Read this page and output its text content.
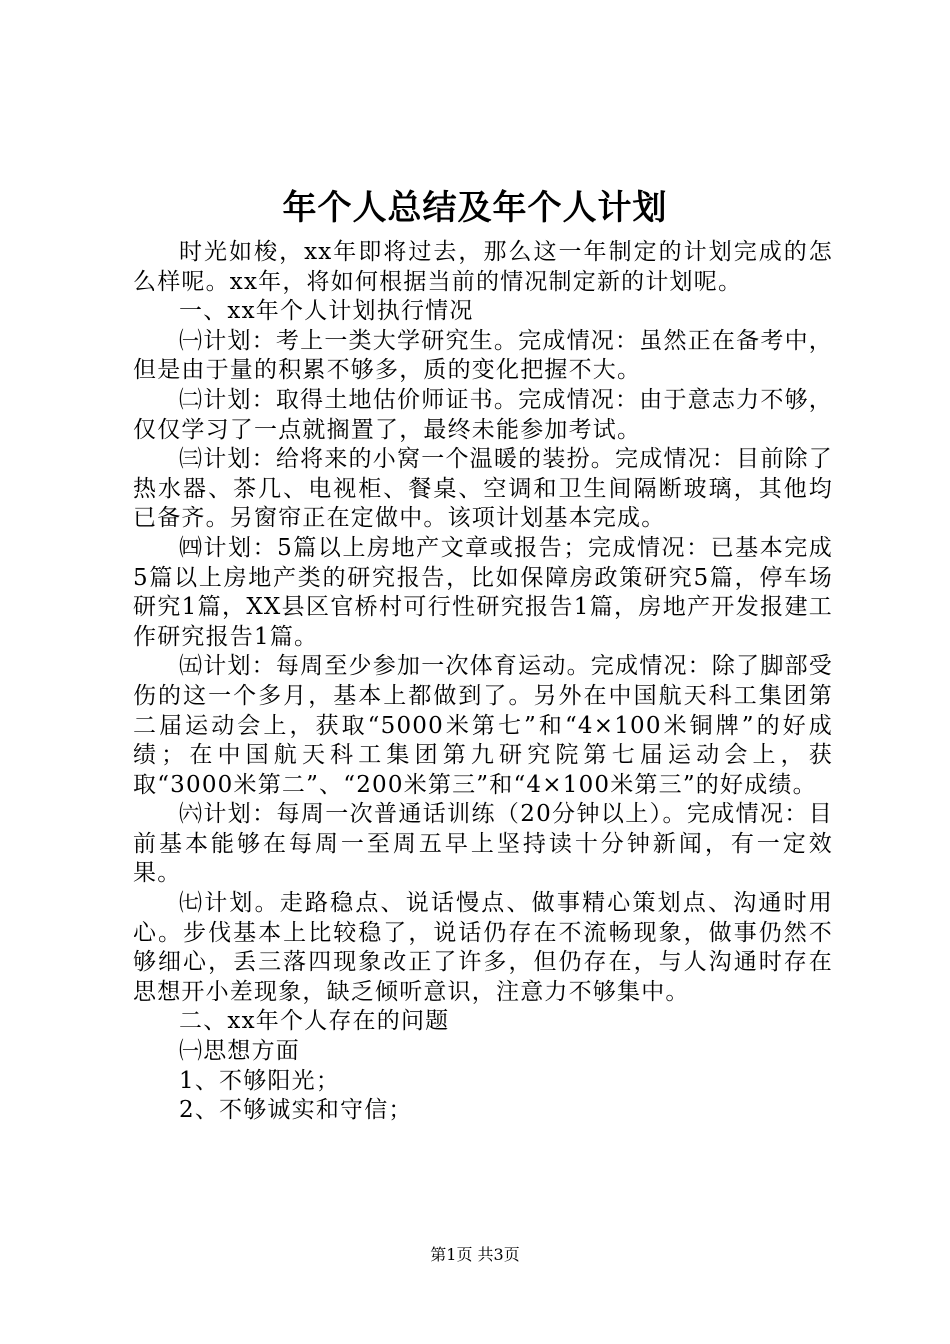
年个人总结及年个人计划

时光如梭，xx年即将过去，那么这一年制定的计划完成的怎么样呢。xx年，将如何根据当前的情况制定新的计划呢。

一、xx年个人计划执行情况

㈠计划：考上一类大学研究生。完成情况：虽然正在备考中，但是由于量的积累不够多，质的变化把握不大。

㈡计划：取得土地估价师证书。完成情况：由于意志力不够，仅仅学习了一点就搁置了，最终未能参加考试。

㈢计划：给将来的小窝一个温暖的装扮。完成情况：目前除了热水器、茶几、电视柜、餐桌、空调和卫生间隔断玻璃，其他均已备齐。另窗帘正在定做中。该项计划基本完成。

㈣计划：5篇以上房地产文章或报告；完成情况：已基本完成5篇以上房地产类的研究报告，比如保障房政策研究5篇，停车场研究1篇，XX县区官桥村可行性研究报告1篇，房地产开发报建工作研究报告1篇。

㈤计划：每周至少参加一次体育运动。完成情况：除了脚部受伤的这一个多月，基本上都做到了。另外在中国航天科工集团第二届运动会上，获取“5000米第七”和“4×100米铜牌”的好成绩；在中国航天科工集团第九研究院第七届运动会上，获取“3000米第二”、“200米第三”和“4×100米第三”的好成绩。

㈥计划：每周一次普通话训练（20分钟以上）。完成情况：目前基本能够在每周一至周五早上坚持读十分钟新闻，有一定效果。

㈦计划。走路稳点、说话慢点、做事精心策划点、沟通时用心。步伐基本上比较稳了，说话仍存在不流畅现象，做事仍然不够细心，丢三落四现象改正了许多，但仍存在，与人沟通时存在思想开小差现象，缺乏倾听意识，注意力不够集中。

二、xx年个人存在的问题

㈠思想方面

1、不够阳光；

2、不够诚实和守信；

第1页 共3页
